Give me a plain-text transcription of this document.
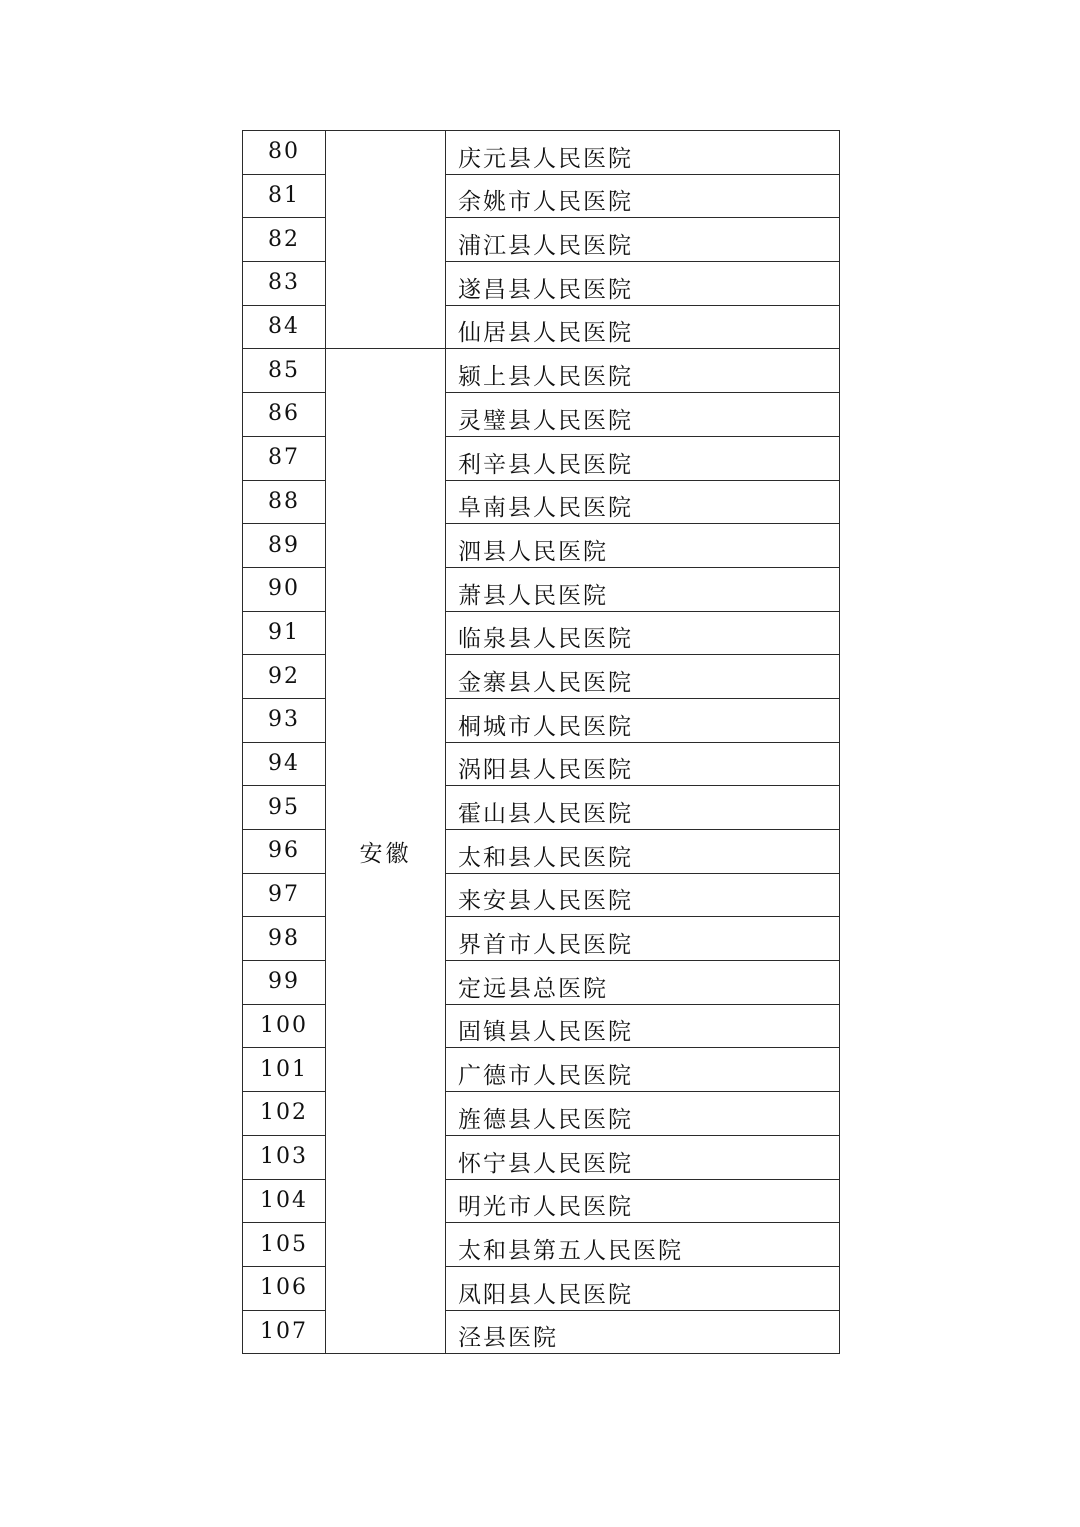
80		庆元县人民医院
81		余姚市人民医院
82		浦江县人民医院
83		遂昌县人民医院
84		仙居县人民医院
85	安徽	颍上县人民医院
86		灵璧县人民医院
87		利辛县人民医院
88		阜南县人民医院
89		泗县人民医院
90		萧县人民医院
91		临泉县人民医院
92		金寨县人民医院
93		桐城市人民医院
94		涡阳县人民医院
95		霍山县人民医院
96		太和县人民医院
97		来安县人民医院
98		界首市人民医院
99		定远县总医院
100		固镇县人民医院
101		广德市人民医院
102		旌德县人民医院
103		怀宁县人民医院
104		明光市人民医院
105		太和县第五人民医院
106		凤阳县人民医院
107		泾县医院
